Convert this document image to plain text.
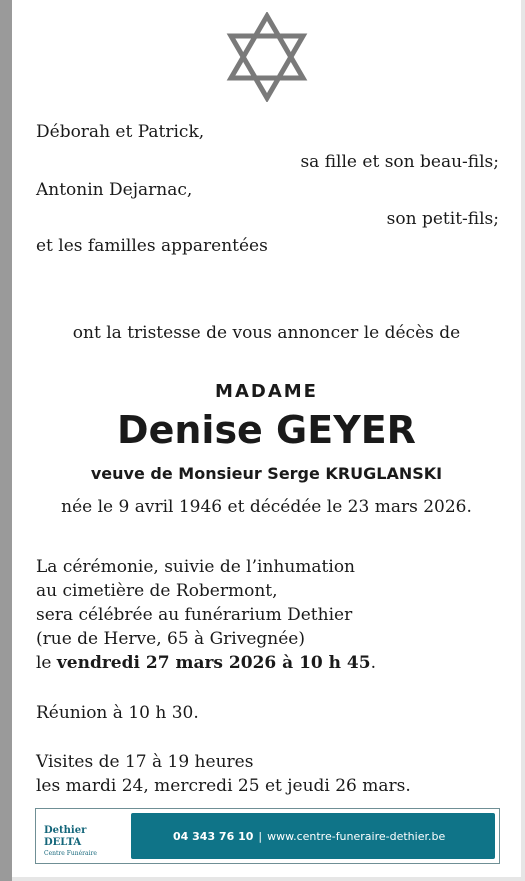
Déborah et Patrick,
sa fille et son beau-fils;
Antonin Dejarnac,
son petit-fils;
et les familles apparentées
ont la tristesse de vous annoncer le décès de
MADAME
Denise GEYER
veuve de Monsieur Serge KRUGLANSKI
née le 9 avril 1946 et décédée le 23 mars 2026.
La cérémonie, suivie de l’inhumation
au cimetière de Robermont,
sera célébrée au funérarium Dethier
(rue de Herve, 65 à Grivegnée)
le vendredi 27 mars 2026 à 10 h 45.
Réunion à 10 h 30.
Visites de 17 à 19 heures
les mardi 24, mercredi 25 et jeudi 26 mars.
Dethier DELTA
Centre Funéraire
04 343 76 10 | www.centre-funeraire-dethier.be
